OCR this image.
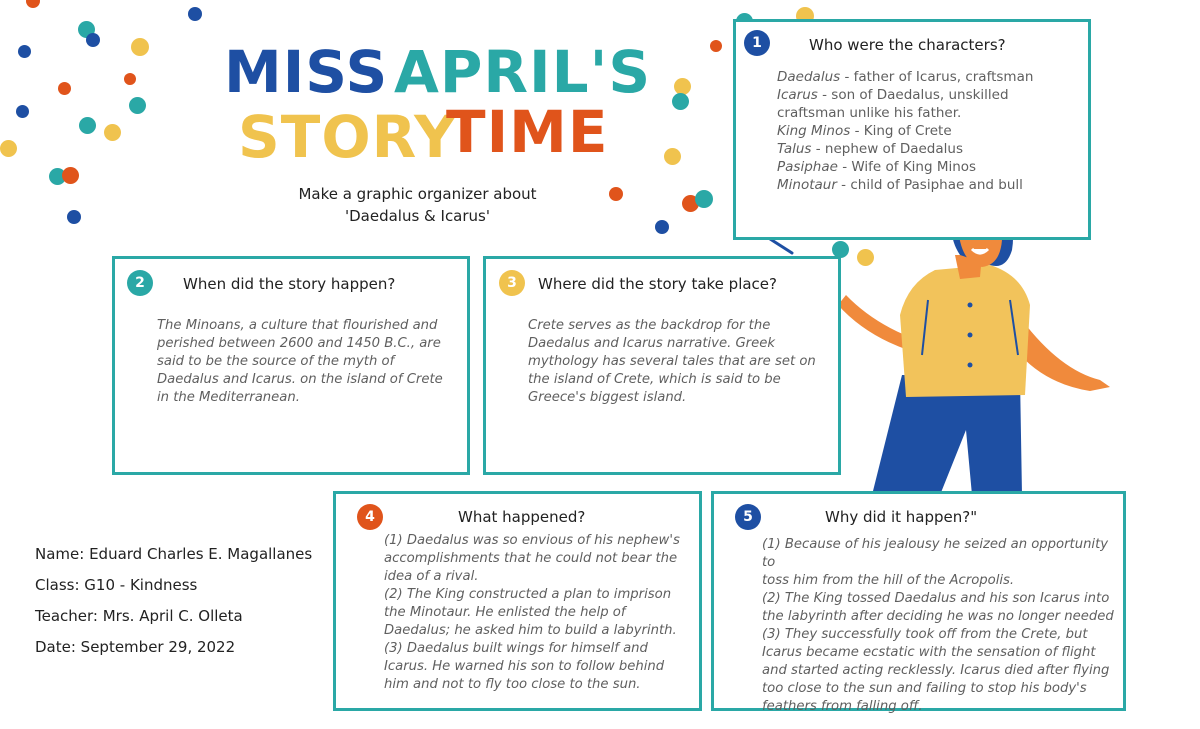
MISS APRIL'S
STORY
TIME
Make a graphic organizer about
'Daedalus & Icarus'
1	Who were the characters?
Daedalus - father of Icarus, craftsman
Icarus - son of Daedalus, unskilled
craftsman unlike his father.
King Minos - King of Crete
Talus - nephew of Daedalus
Pasiphae - Wife of King Minos
Minotaur - child of Pasiphae and bull
2	When did the story happen?

The Minoans, a culture that flourished and

perished between 2600 and 1450 B.C., are

said to be the source of the myth of

Daedalus and Icarus. on the island of Crete

in the Mediterranean.

3	Where did the story take place?

Crete serves as the backdrop for the

Daedalus and Icarus narrative. Greek

mythology has several tales that are set on

the island of Crete, which is said to be

Greece's biggest island.

4	What happened?

(1) Daedalus was so envious of his nephew's

accomplishments that he could not bear the

idea of a rival.

(2) The King constructed a plan to imprison

the Minotaur. He enlisted the help of

Daedalus; he asked him to build a labyrinth.

(3) Daedalus built wings for himself and

Icarus. He warned his son to follow behind

him and not to fly too close to the sun.

5	Why did it happen?"

(1) Because of his jealousy he seized an opportunity to

toss him from the hill of the Acropolis.

(2) The King tossed Daedalus and his son Icarus into

the labyrinth after deciding he was no longer needed

(3) They successfully took off from the Crete, but

Icarus became ecstatic with the sensation of flight

and started acting recklessly. Icarus died after flying

too close to the sun and failing to stop his body's

feathers from falling off.

Name: Eduard Charles E. Magallanes
Class: G10 - Kindness
Teacher: Mrs. April C. Olleta
Date: September 29, 2022
